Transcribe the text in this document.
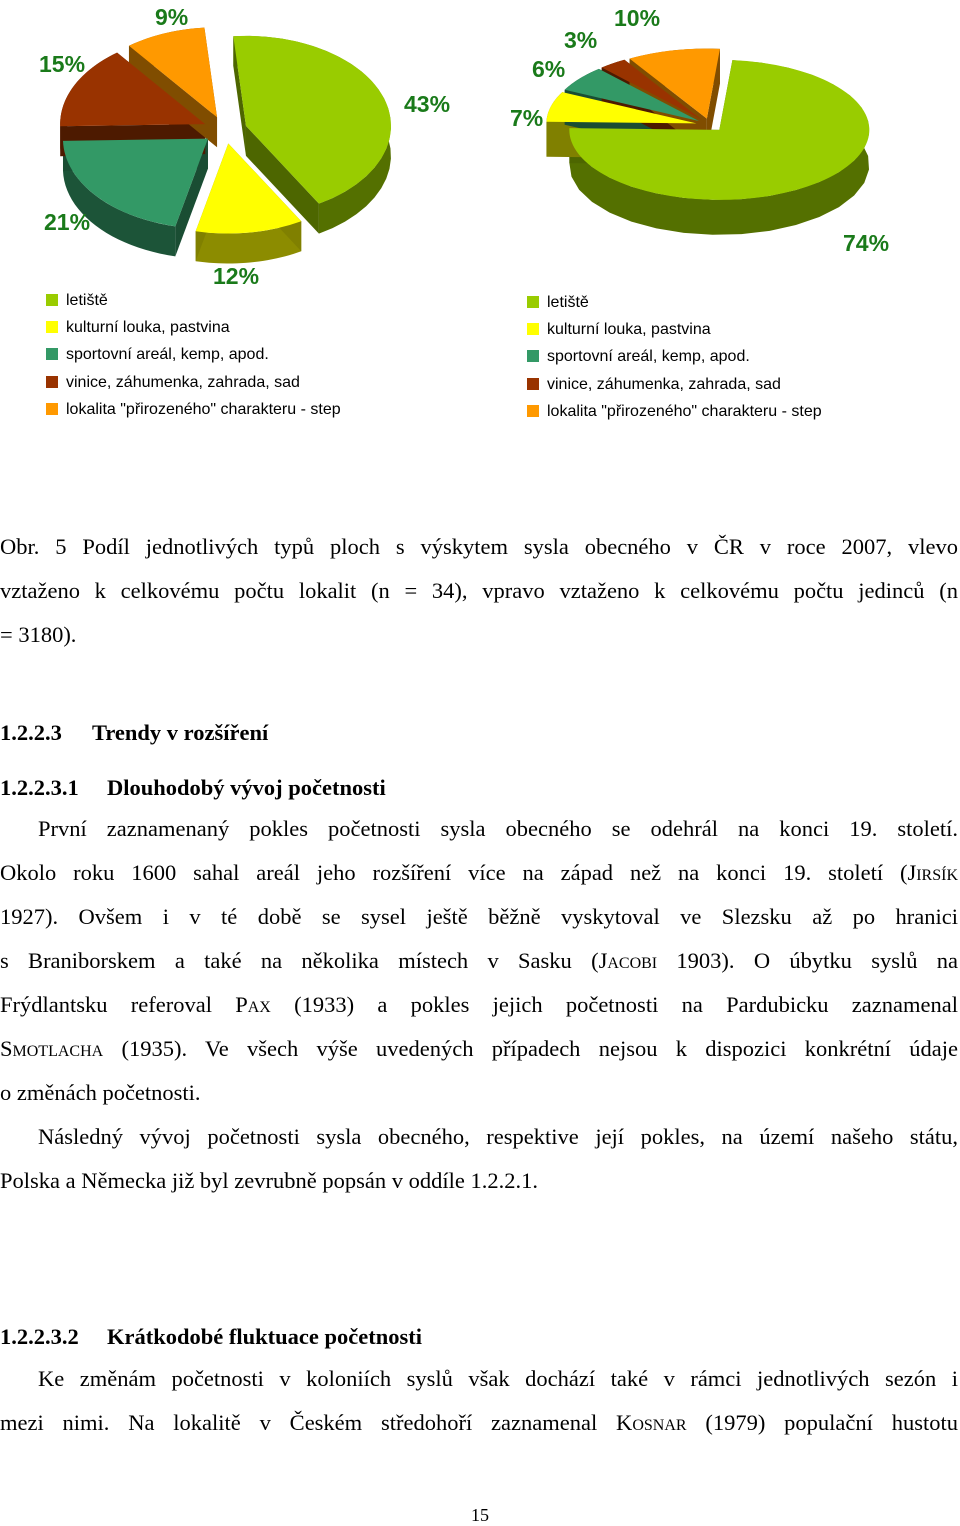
43%
12%
21%
15%
9%
74%
7%
6%
3%
10%
letiště
kulturní louka, pastvina
sportovní areál, kemp, apod.
vinice, záhumenka, zahrada, sad
lokalita "přirozeného" charakteru - step
letiště
kulturní louka, pastvina
sportovní areál, kemp, apod.
vinice, záhumenka, zahrada, sad
lokalita "přirozeného" charakteru - step

Obr. 5 Podíl jednotlivých typů ploch s výskytem sysla obecného v ČR v roce 2007, vlevo

vztaženo k celkovému počtu lokalit (n = 34), vpravo vztaženo k celkovému počtu jedinců (n

= 3180).

1.2.2.3 Trendy v rozšíření
1.2.2.3.1 Dlouhodobý vývoj početnosti

První zaznamenaný pokles početnosti sysla obecného se odehrál na konci 19. století.

Okolo roku 1600 sahal areál jeho rozšíření více na západ než na konci 19. století (Jirsík

1927). Ovšem i v té době se sysel ještě běžně vyskytoval ve Slezsku až po hranici

s Braniborskem a také na několika místech v Sasku (Jacobi 1903). O úbytku syslů na

Frýdlantsku referoval Pax (1933) a pokles jejich početnosti na Pardubicku zaznamenal

Smotlacha (1935). Ve všech výše uvedených případech nejsou k dispozici konkrétní údaje

o změnách početnosti.

Následný vývoj početnosti sysla obecného, respektive její pokles, na území našeho státu,

Polska a Německa již byl zevrubně popsán v oddíle 1.2.2.1.

1.2.2.3.2 Krátkodobé fluktuace početnosti

Ke změnám početnosti v koloniích syslů však dochází také v rámci jednotlivých sezón i

mezi nimi. Na lokalitě v Českém středohoří zaznamenal Kosnar (1979) populační hustotu

15
